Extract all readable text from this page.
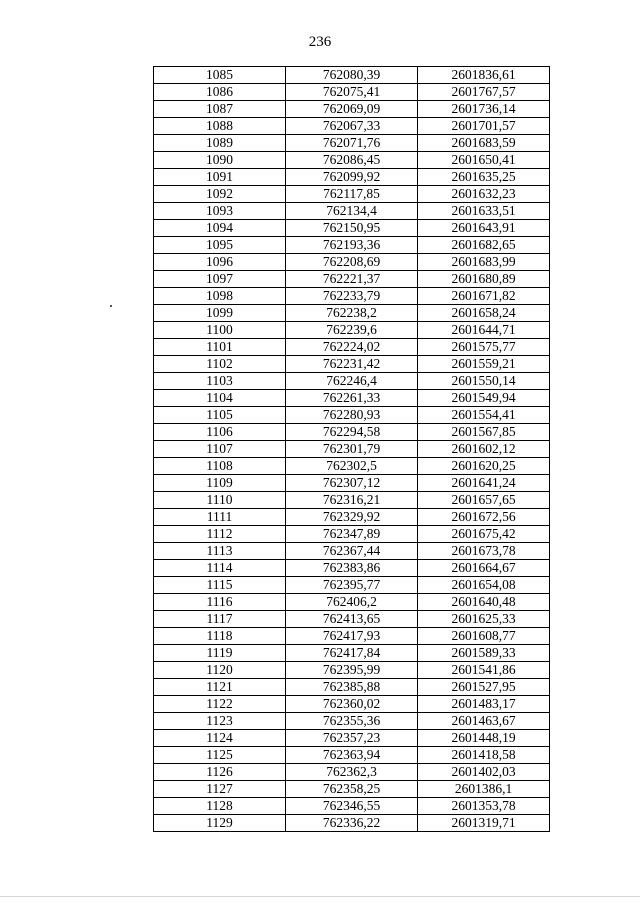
236
1085	762080,39	2601836,61
1086	762075,41	2601767,57
1087	762069,09	2601736,14
1088	762067,33	2601701,57
1089	762071,76	2601683,59
1090	762086,45	2601650,41
1091	762099,92	2601635,25
1092	762117,85	2601632,23
1093	762134,4	2601633,51
1094	762150,95	2601643,91
1095	762193,36	2601682,65
1096	762208,69	2601683,99
1097	762221,37	2601680,89
1098	762233,79	2601671,82
1099	762238,2	2601658,24
1100	762239,6	2601644,71
1101	762224,02	2601575,77
1102	762231,42	2601559,21
1103	762246,4	2601550,14
1104	762261,33	2601549,94
1105	762280,93	2601554,41
1106	762294,58	2601567,85
1107	762301,79	2601602,12
1108	762302,5	2601620,25
1109	762307,12	2601641,24
1110	762316,21	2601657,65
1111	762329,92	2601672,56
1112	762347,89	2601675,42
1113	762367,44	2601673,78
1114	762383,86	2601664,67
1115	762395,77	2601654,08
1116	762406,2	2601640,48
1117	762413,65	2601625,33
1118	762417,93	2601608,77
1119	762417,84	2601589,33
1120	762395,99	2601541,86
1121	762385,88	2601527,95
1122	762360,02	2601483,17
1123	762355,36	2601463,67
1124	762357,23	2601448,19
1125	762363,94	2601418,58
1126	762362,3	2601402,03
1127	762358,25	2601386,1
1128	762346,55	2601353,78
1129	762336,22	2601319,71
